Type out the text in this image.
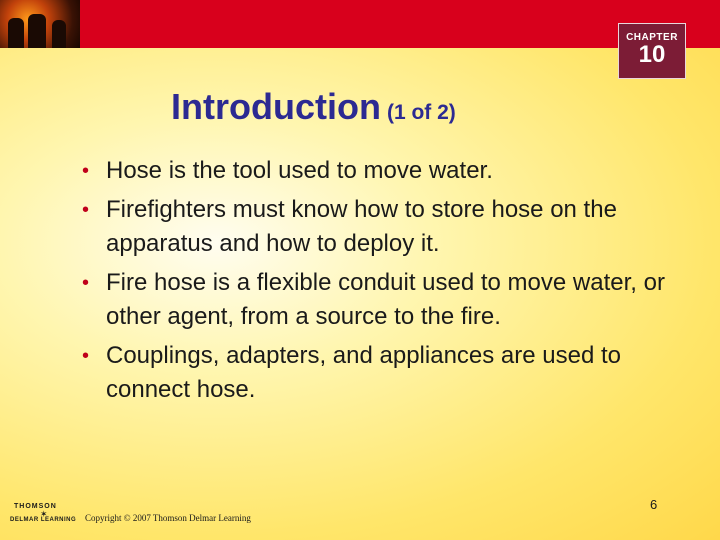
CHAPTER
10
Introduction (1 of 2)
• Hose is the tool used to move water.
• Firefighters must know how to store hose on the apparatus and how to deploy it.
• Fire hose is a flexible conduit used to move water, or other agent, from a source to the fire.
• Couplings, adapters, and appliances are used to connect hose.
6
THOMSON
✶
DELMAR LEARNING Copyright © 2007 Thomson Delmar Learning
